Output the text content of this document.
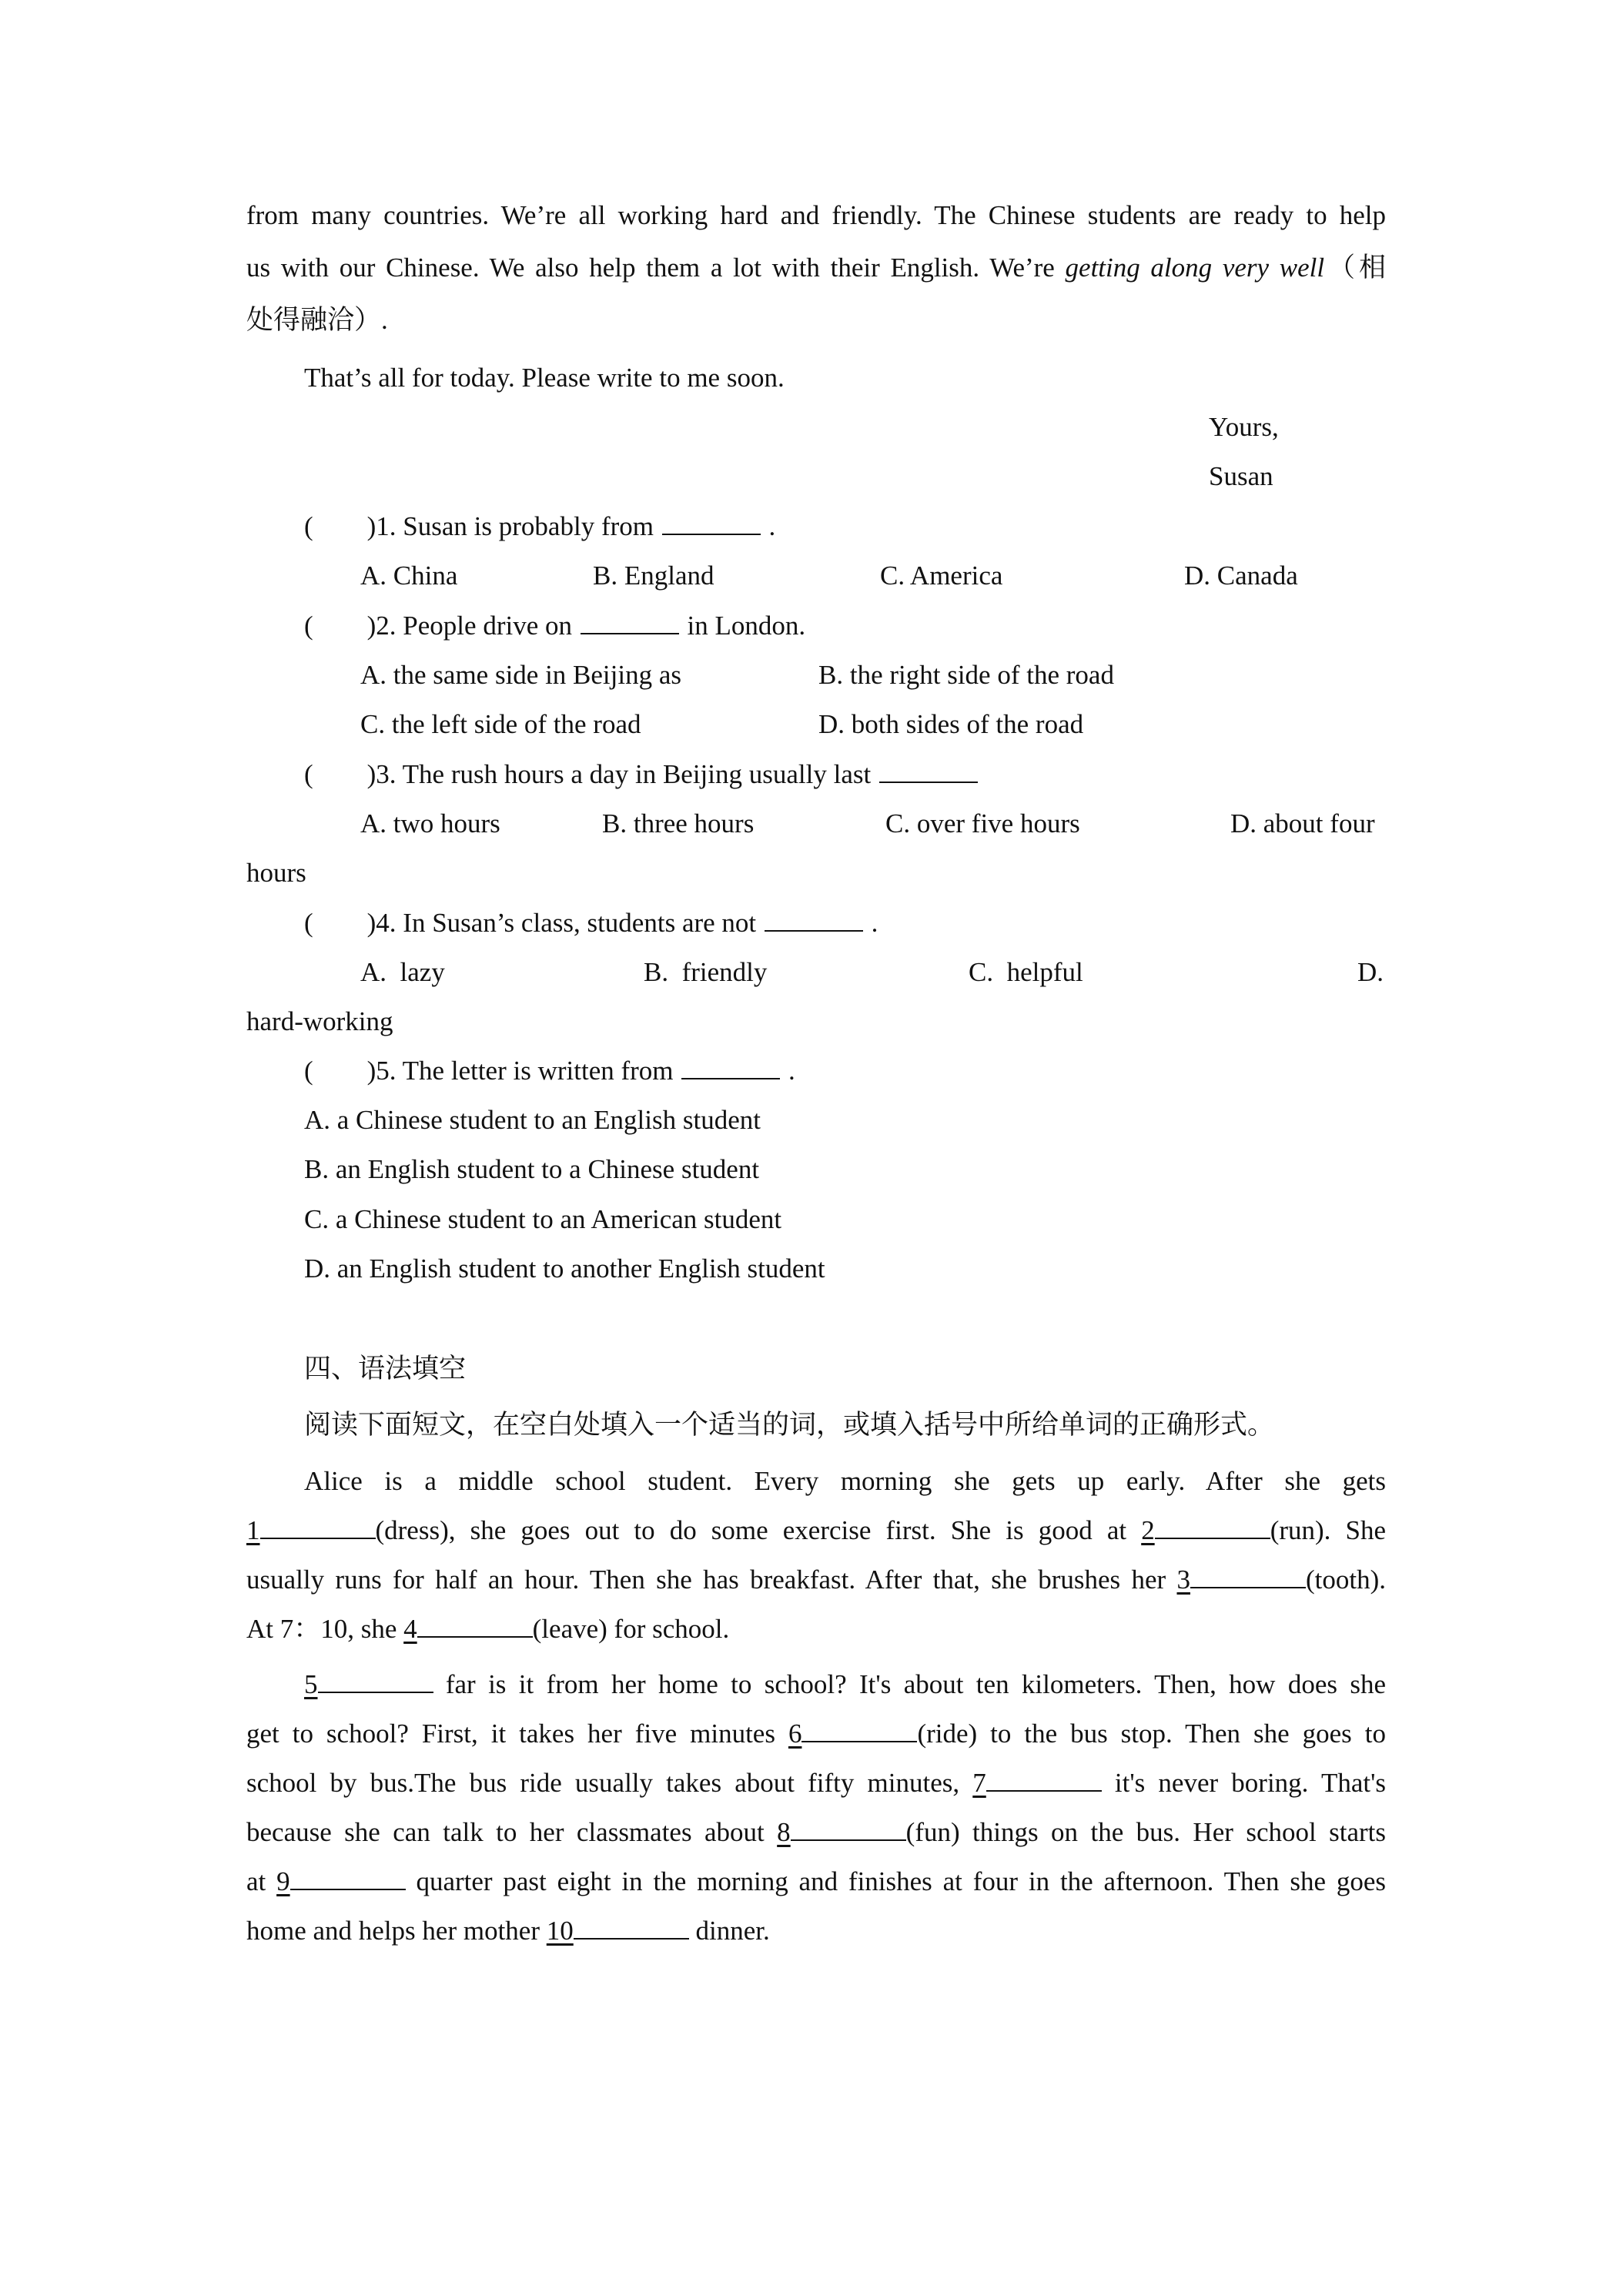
from many countries. We’re all working hard and friendly. The Chinese students are ready to help
us with our Chinese. We also help them a lot with their English. We’re getting along very well（相
处得融洽）.
That’s all for today. Please write to me soon.
Yours,
Susan
(　　)1. Susan is probably from	.
A. China	B. England	C. America	D. Canada
(　　)2. People drive on	in London.
A. the same side in Beijing as	B. the right side of the road
C. the left side of the road	D. both sides of the road
(　　)3. The rush hours a day in Beijing usually last
A. two hours	B. three hours	C. over five hours	D. about four
hours
(　　)4. In Susan’s class, students are not	.
A.  lazy	B.  friendly	C.  helpful	D.
hard-working
(　　)5. The letter is written from	.
A. a Chinese student to an English student
B. an English student to a Chinese student
C. a Chinese student to an American student
D. an English student to another English student
四、语法填空
阅读下面短文，在空白处填入一个适当的词，或填入括号中所给单词的正确形式。
Alice is a middle school student. Every morning she gets up early. After she gets
1	(dress), she goes out to do some exercise first. She is good at 2	(run). She
usually runs for half an hour. Then she has breakfast. After that, she brushes her 3	(tooth).
At 7：10, she 4	(leave) for school.
5	far is it from her home to school? It's about ten kilometers. Then, how does she
get to school? First, it takes her five minutes 6	(ride) to the bus stop. Then she goes to
school by bus.The bus ride usually takes about fifty minutes, 7	it's never boring. That's
because she can talk to her classmates about 8	(fun) things on the bus. Her school starts
at 9	quarter past eight in the morning and finishes at four in the afternoon. Then she goes
home and helps her mother 10	dinner.
